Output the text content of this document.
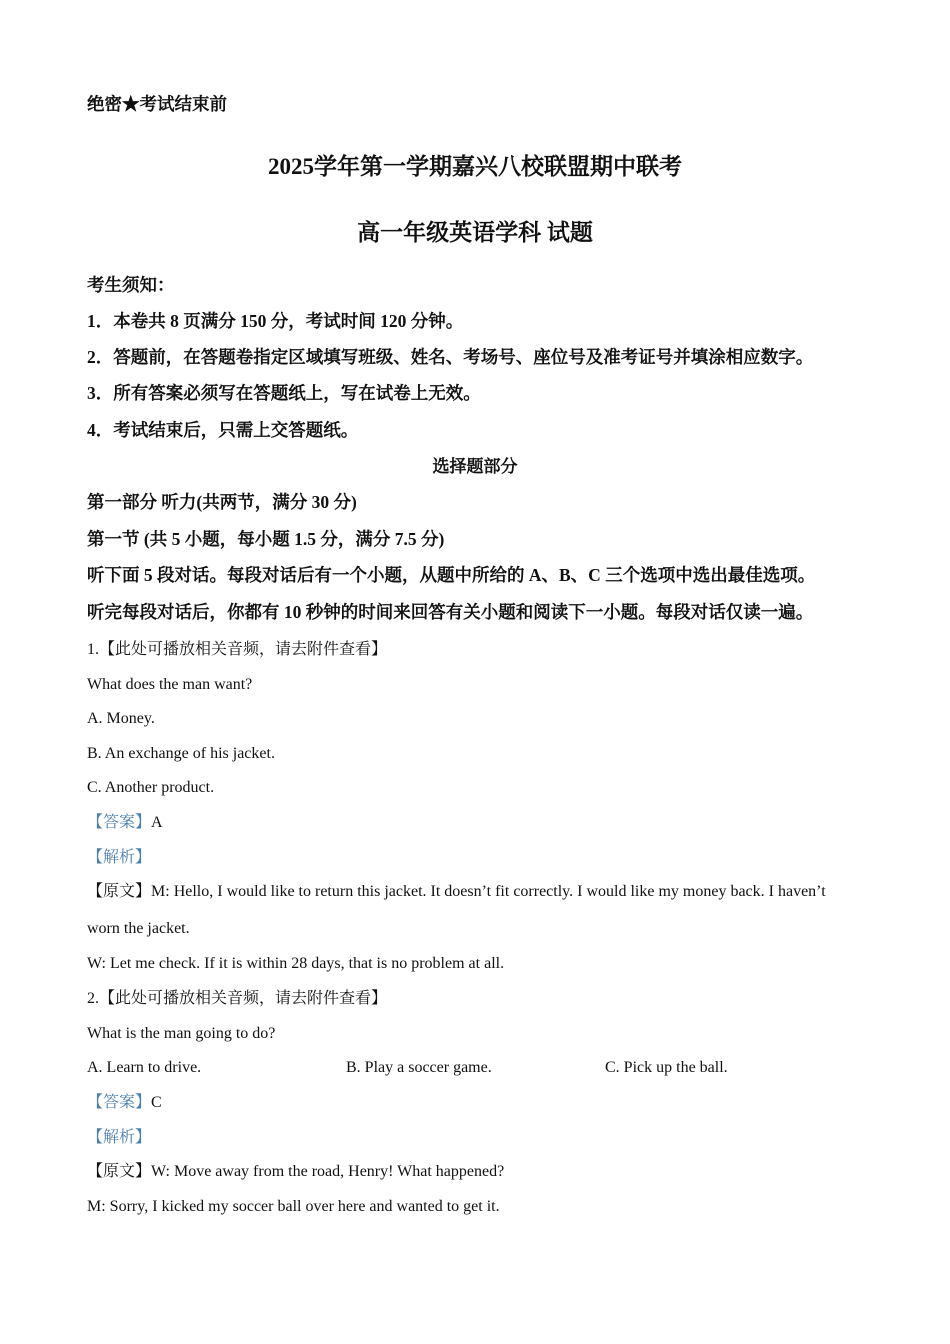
绝密★考试结束前
2025学年第一学期嘉兴八校联盟期中联考
高一年级英语学科 试题
考生须知：
1．本卷共 8 页满分 150 分，考试时间 120 分钟。
2．答题前，在答题卷指定区域填写班级、姓名、考场号、座位号及准考证号并填涂相应数字。
3．所有答案必须写在答题纸上，写在试卷上无效。
4．考试结束后，只需上交答题纸。
选择题部分
第一部分 听力(共两节，满分 30 分)
第一节 (共 5 小题，每小题 1.5 分，满分 7.5 分)
听下面 5 段对话。每段对话后有一个小题，从题中所给的 A、B、C 三个选项中选出最佳选项。
听完每段对话后，你都有 10 秒钟的时间来回答有关小题和阅读下一小题。每段对话仅读一遍。
1.【此处可播放相关音频，请去附件查看】
What does the man want?
A. Money.
B. An exchange of his jacket.
C. Another product.
【答案】A
【解析】
【原文】M: Hello, I would like to return this jacket. It doesn’t fit correctly. I would like my money back. I haven’t
worn the jacket.
W: Let me check. If it is within 28 days, that is no problem at all.
2.【此处可播放相关音频，请去附件查看】
What is the man going to do?
A. Learn to drive.	B. Play a soccer game.	C. Pick up the ball.
【答案】C
【解析】
【原文】W: Move away from the road, Henry! What happened?
M: Sorry, I kicked my soccer ball over here and wanted to get it.
